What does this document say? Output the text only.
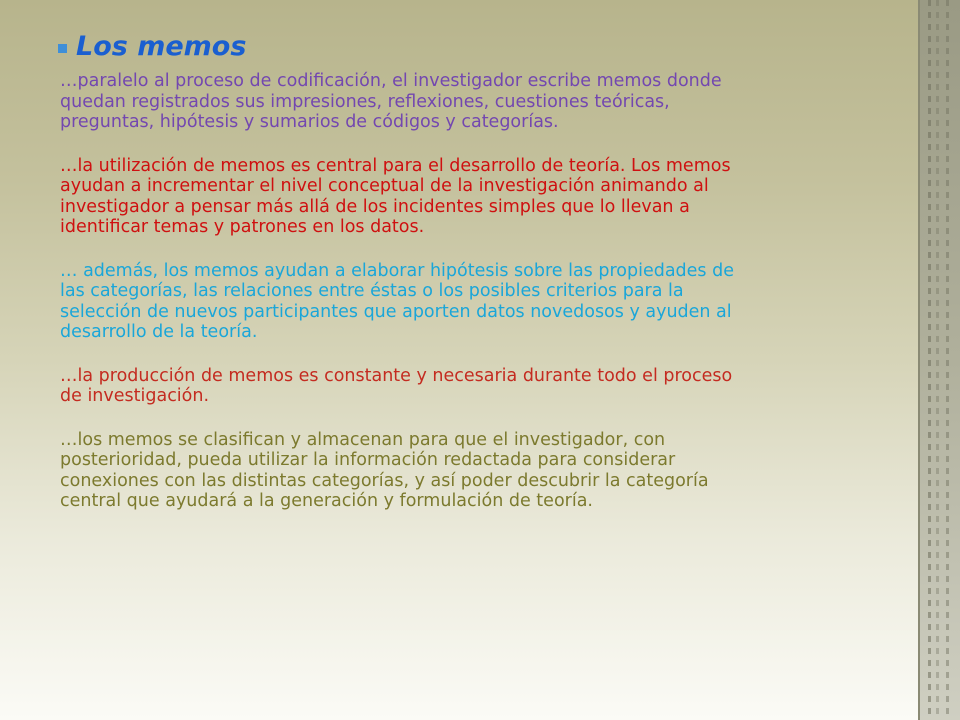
Los memos

…paralelo al proceso de codificación, el investigador escribe memos donde quedan registrados sus impresiones, reflexiones, cuestiones teóricas, preguntas, hipótesis y sumarios de códigos y categorías.

…la utilización de memos es central para el desarrollo de teoría. Los memos ayudan a incrementar el nivel conceptual de la investigación animando al investigador a pensar más allá de los incidentes simples que lo llevan a identificar temas y patrones en los datos.

… además, los memos ayudan a elaborar hipótesis sobre las propiedades de las categorías, las relaciones entre éstas o los posibles criterios para la selección de nuevos participantes que aporten datos novedosos y ayuden al desarrollo de la teoría.

…la producción de memos es constante y necesaria durante todo el proceso de investigación.

…los memos se clasifican y almacenan para que el investigador, con posterioridad, pueda utilizar la información redactada para considerar conexiones con las distintas categorías, y así poder descubrir la categoría central que ayudará a la generación y formulación de teoría.
